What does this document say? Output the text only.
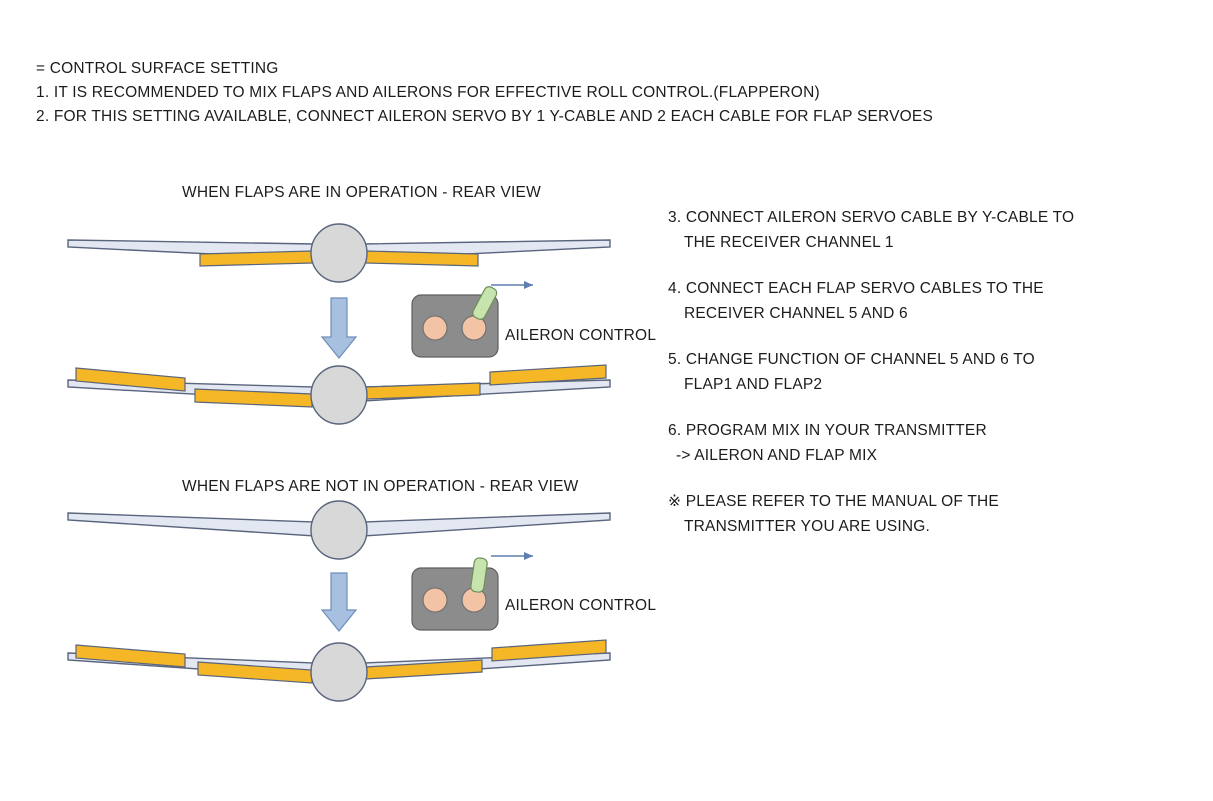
= CONTROL SURFACE SETTING
1. IT IS RECOMMENDED TO MIX FLAPS AND AILERONS FOR EFFECTIVE ROLL CONTROL.(FLAPPERON)
2. FOR THIS SETTING AVAILABLE, CONNECT AILERON SERVO BY 1 Y-CABLE AND 2 EACH CABLE FOR FLAP SERVOES
WHEN FLAPS ARE IN OPERATION - REAR VIEW
WHEN FLAPS ARE NOT IN OPERATION - REAR VIEW
AILERON CONTROL
AILERON CONTROL
3. CONNECT AILERON SERVO CABLE BY Y-CABLE TO
THE RECEIVER CHANNEL 1
4. CONNECT EACH FLAP SERVO CABLES TO THE
RECEIVER CHANNEL 5 AND 6
5. CHANGE FUNCTION OF CHANNEL 5 AND 6 TO
FLAP1 AND FLAP2
6. PROGRAM MIX IN YOUR TRANSMITTER
-> AILERON AND FLAP MIX
※ PLEASE REFER TO THE MANUAL OF THE
TRANSMITTER YOU ARE USING.
